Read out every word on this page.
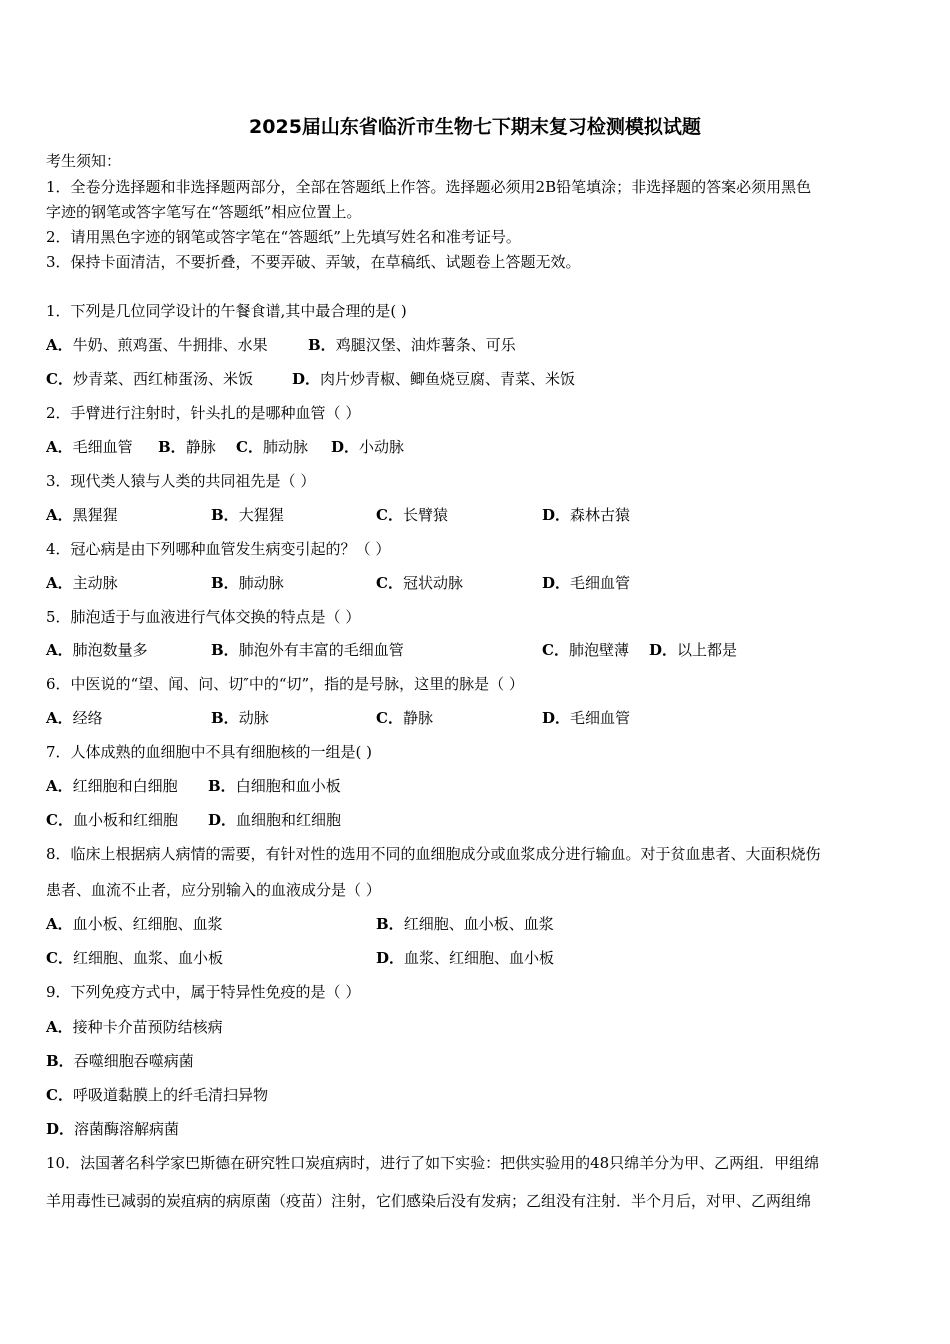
2025届山东省临沂市生物七下期末复习检测模拟试题
考生须知：
1．全卷分选择题和非选择题两部分，全部在答题纸上作答。选择题必须用2B铅笔填涂；非选择题的答案必须用黑色
字迹的钢笔或答字笔写在“答题纸”相应位置上。
2．请用黑色字迹的钢笔或答字笔在“答题纸”上先填写姓名和准考证号。
3．保持卡面清洁，不要折叠，不要弄破、弄皱，在草稿纸、试题卷上答题无效。
1．下列是几位同学设计的午餐食谱,其中最合理的是( )
A．牛奶、煎鸡蛋、牛拥排、水果	B．鸡腿汉堡、油炸薯条、可乐
C．炒青菜、西红柿蛋汤、米饭	D．肉片炒青椒、鲫鱼烧豆腐、青菜、米饭
2．手臂进行注射时，针头扎的是哪种血管（ ）
A．毛细血管 B．静脉 C．肺动脉 D．小动脉
3．现代类人猿与人类的共同祖先是（ ）
A．黑猩猩	B．大猩猩	C．长臂猿	D．森林古猿
4．冠心病是由下列哪种血管发生病变引起的？（ ）
A．主动脉	B．肺动脉	C．冠状动脉	D．毛细血管
5．肺泡适于与血液进行气体交换的特点是（ ）
A．肺泡数量多	B．肺泡外有丰富的毛细血管	C．肺泡壁薄 D．以上都是
6．中医说的“望、闻、问、切″中的“切”，指的是号脉，这里的脉是（ ）
A．经络	B．动脉	C．静脉	D．毛细血管
7．人体成熟的血细胞中不具有细胞核的一组是( )
A．红细胞和白细胞 B．白细胞和血小板
C．血小板和红细胞 D．血细胞和红细胞
8．临床上根据病人病情的需要，有针对性的选用不同的血细胞成分或血浆成分进行输血。对于贫血患者、大面积烧伤
患者、血流不止者，应分别输入的血液成分是（ ）
A．血小板、红细胞、血浆	B．红细胞、血小板、血浆
C．红细胞、血浆、血小板	D．血浆、红细胞、血小板
9．下列免疫方式中，属于特异性免疫的是（ ）
A．接种卡介苗预防结核病
B．吞噬细胞吞噬病菌
C．呼吸道黏膜上的纤毛清扫异物
D．溶菌酶溶解病菌
10．法国著名科学家巴斯德在研究牲口炭疽病时，进行了如下实验：把供实验用的48只绵羊分为甲、乙两组．甲组绵
羊用毒性已减弱的炭疽病的病原菌（疫苗）注射，它们感染后没有发病；乙组没有注射．半个月后，对甲、乙两组绵
